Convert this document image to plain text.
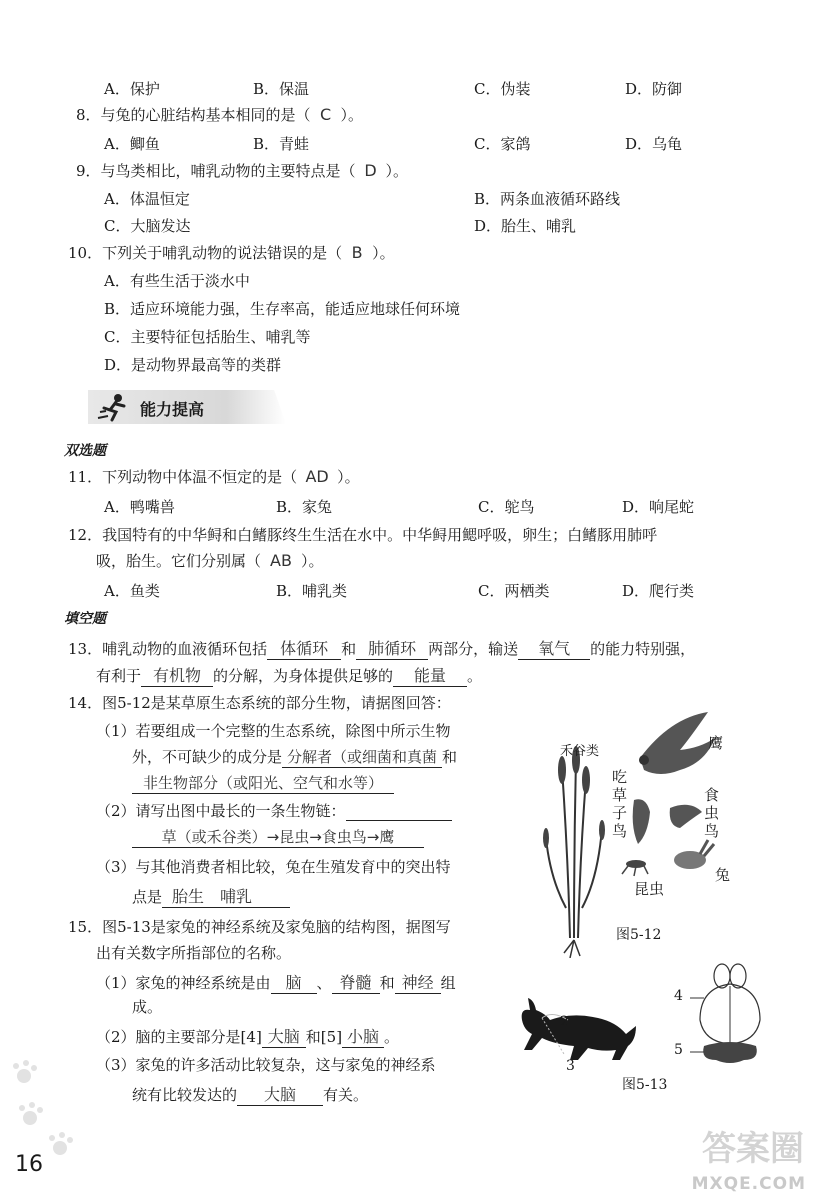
A．保护	B．保温	C．伪装	D．防御
8．与兔的心脏结构基本相同的是（ C ）。
A．鲫鱼	B．青蛙	C．家鸽	D．乌龟
9．与鸟类相比，哺乳动物的主要特点是（ D ）。
A．体温恒定	B．两条血液循环路线
C．大脑发达	D．胎生、哺乳
10．下列关于哺乳动物的说法错误的是（ B ）。
A．有些生活于淡水中
B．适应环境能力强，生存率高，能适应地球任何环境
C．主要特征包括胎生、哺乳等
D．是动物界最高等的类群
能力提高
双选题
11．下列动物中体温不恒定的是（ AD ）。
A．鸭嘴兽	B．家兔	C．鸵鸟	D．响尾蛇
12．我国特有的中华鲟和白鳍豚终生生活在水中。中华鲟用鳃呼吸，卵生；白鳍豚用肺呼
吸，胎生。它们分别属（ AB ）。
A．鱼类	B．哺乳类	C．两栖类	D．爬行类
填空题
13．哺乳动物的血液循环包括 体循环 和 肺循环 两部分，输送 氧气 的能力特别强，
有利于 有机物 的分解，为身体提供足够的 能量 。
14．图5-12是某草原生态系统的部分生物，请据图回答：
（1）若要组成一个完整的生态系统，除图中所示生物
外，不可缺少的成分是 分解者（或细菌和真菌 和
非生物部分（或阳光、空气和水等）
（2）请写出图中最长的一条生物链：
草（或禾谷类）→昆虫→食虫鸟→鹰
（3）与其他消费者相比较，兔在生殖发育中的突出特
点是 胎生　哺乳
禾谷类	鹰
吃草子鸟
食虫鸟
兔
昆虫
图5-12
15．图5-13是家兔的神经系统及家兔脑的结构图，据图写
出有关数字所指部位的名称。
（1）家兔的神经系统是由 脑 、 脊髓 和 神经 组
成。
（2）脑的主要部分是[4] 大脑 和[5] 小脑 。
（3）家兔的许多活动比较复杂，这与家兔的神经系
统有比较发达的 大脑 有关。
1
2
3
4
5
图5-13
16	答案圈
MXQE.COM
